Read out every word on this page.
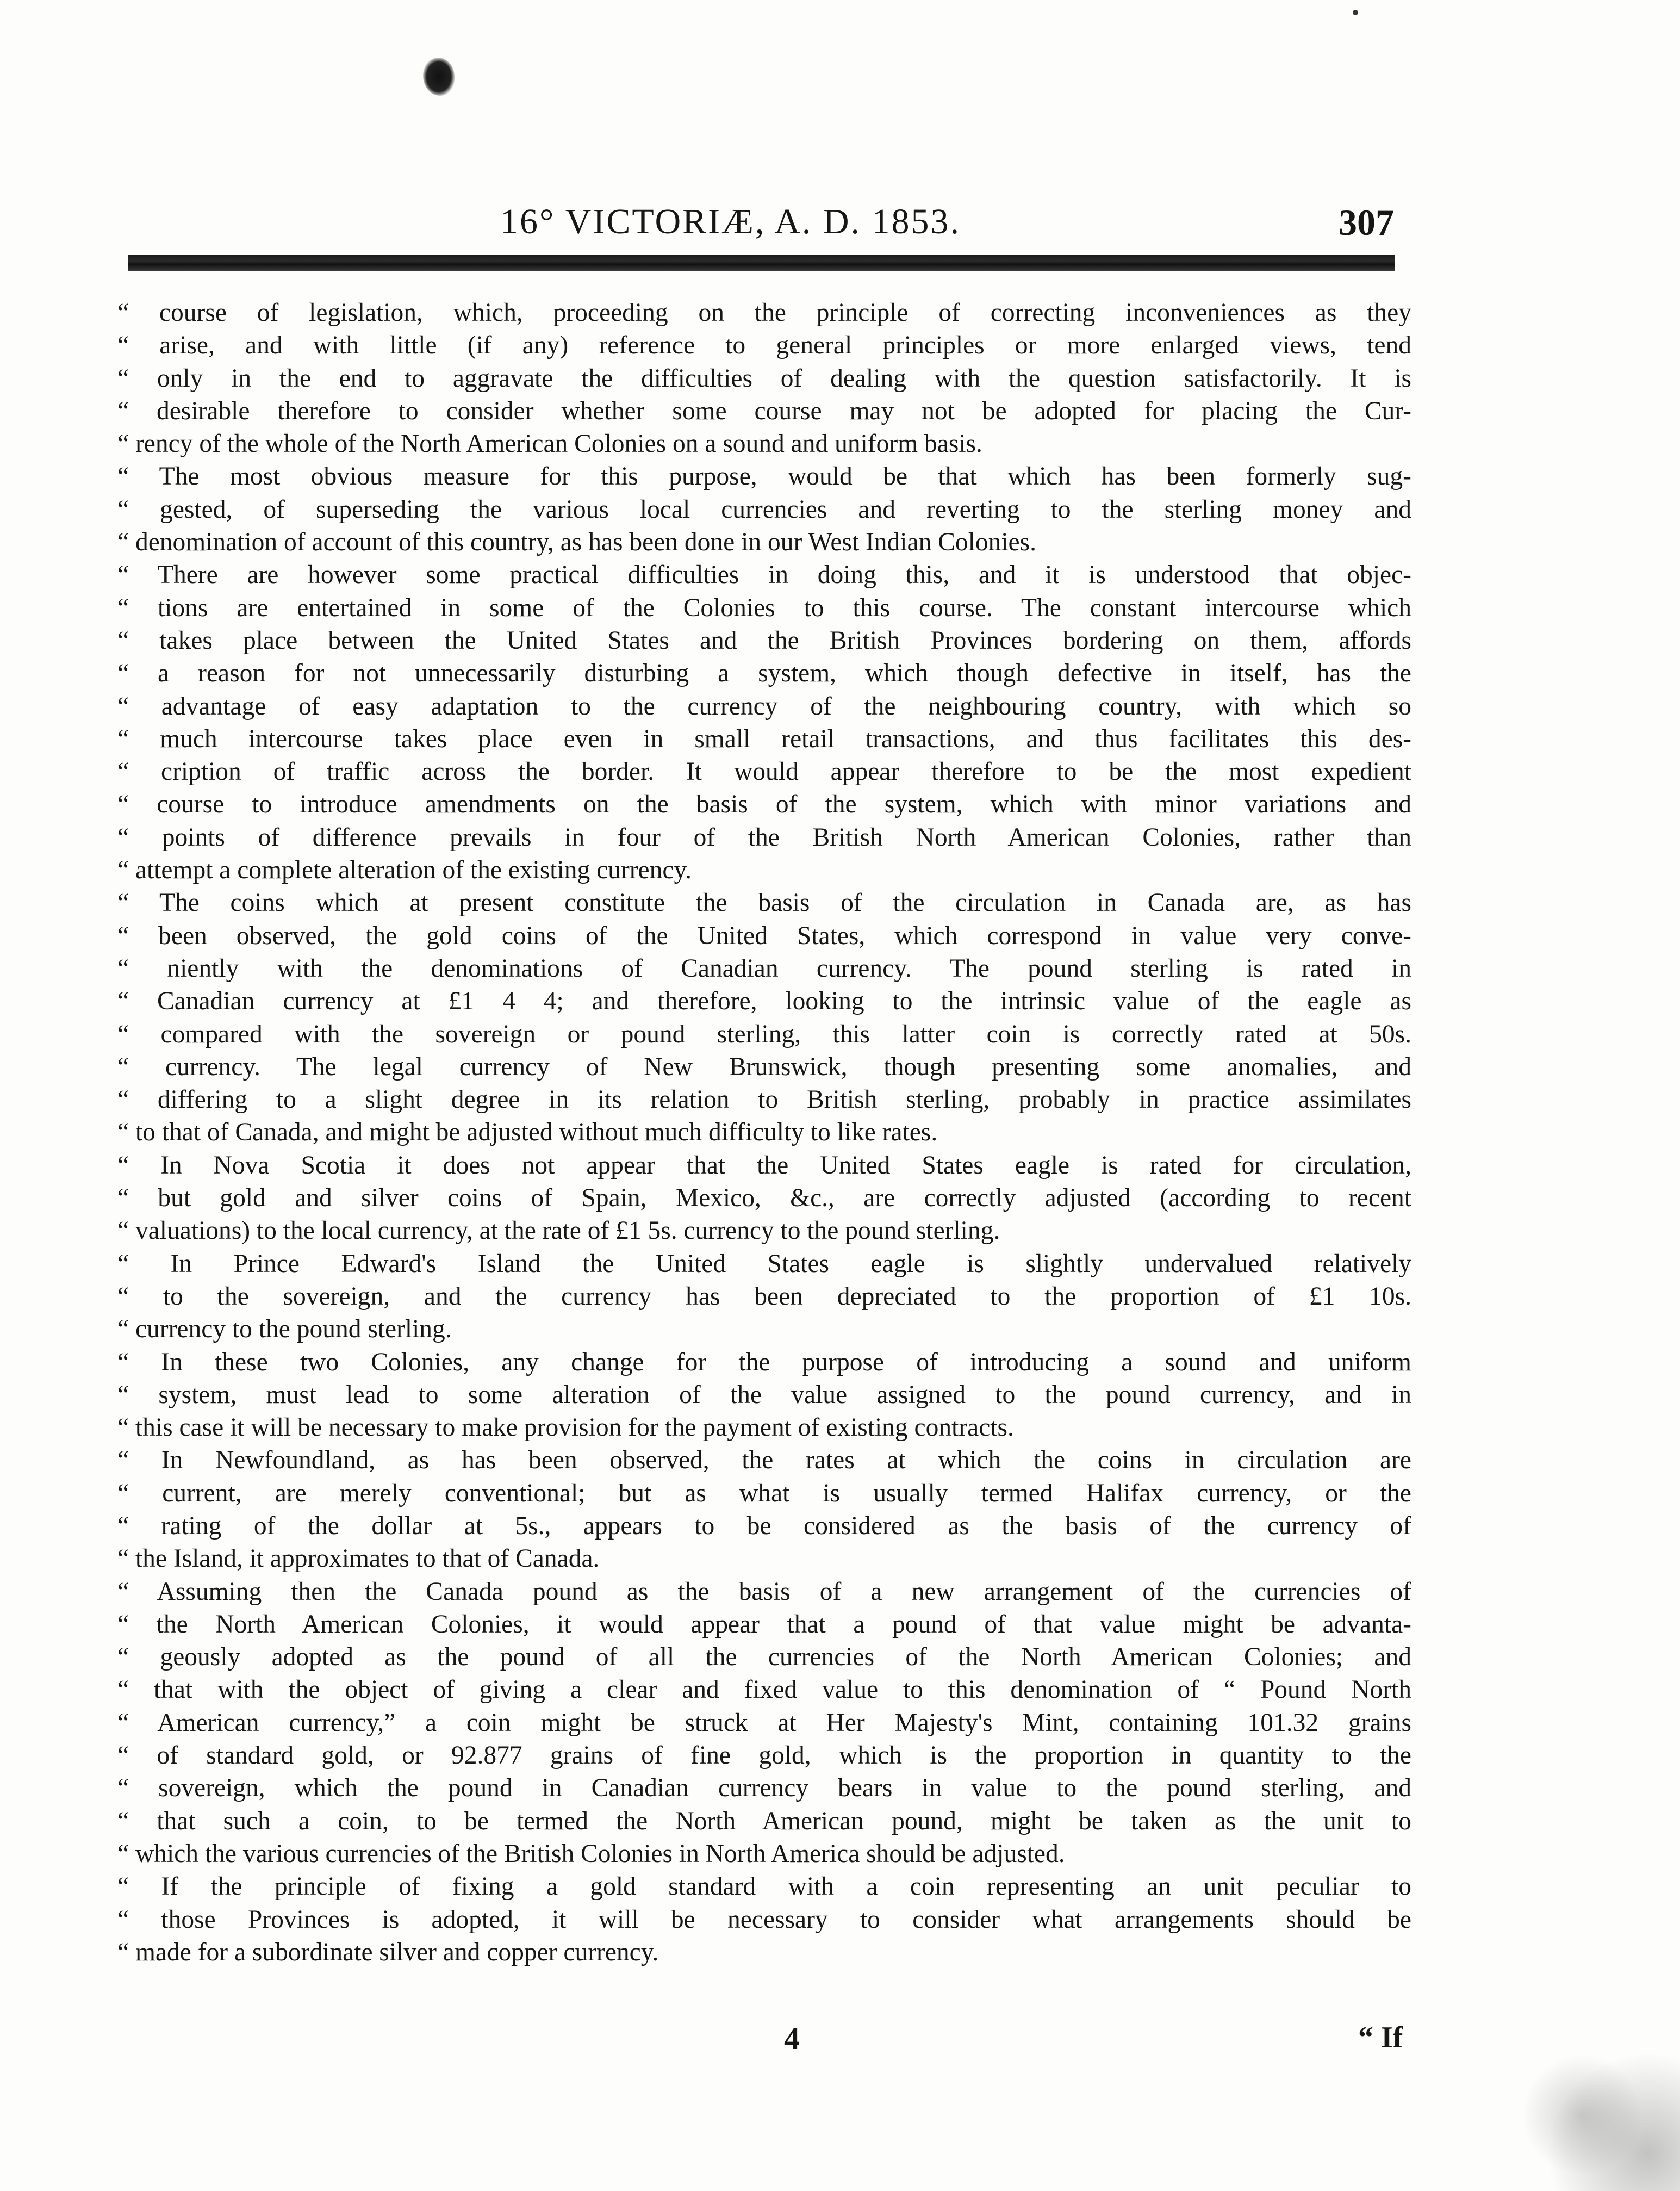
16° VICTORIÆ, A. D. 1853.	307
“ course of legislation, which, proceeding on the principle of correcting inconveniences as they
“ arise, and with little (if any) reference to general principles or more enlarged views, tend
“ only in the end to aggravate the difficulties of dealing with the question satisfactorily. It is
“ desirable therefore to consider whether some course may not be adopted for placing the Cur-
“ rency of the whole of the North American Colonies on a sound and uniform basis.
“ The most obvious measure for this purpose, would be that which has been formerly sug-
“ gested, of superseding the various local currencies and reverting to the sterling money and
“ denomination of account of this country, as has been done in our West Indian Colonies.
“ There are however some practical difficulties in doing this, and it is understood that objec-
“ tions are entertained in some of the Colonies to this course. The constant intercourse which
“ takes place between the United States and the British Provinces bordering on them, affords
“ a reason for not unnecessarily disturbing a system, which though defective in itself, has the
“ advantage of easy adaptation to the currency of the neighbouring country, with which so
“ much intercourse takes place even in small retail transactions, and thus facilitates this des-
“ cription of traffic across the border. It would appear therefore to be the most expedient
“ course to introduce amendments on the basis of the system, which with minor variations and
“ points of difference prevails in four of the British North American Colonies, rather than
“ attempt a complete alteration of the existing currency.
“ The coins which at present constitute the basis of the circulation in Canada are, as has
“ been observed, the gold coins of the United States, which correspond in value very conve-
“ niently with the denominations of Canadian currency. The pound sterling is rated in
“ Canadian currency at £1 4 4; and therefore, looking to the intrinsic value of the eagle as
“ compared with the sovereign or pound sterling, this latter coin is correctly rated at 50s.
“ currency. The legal currency of New Brunswick, though presenting some anomalies, and
“ differing to a slight degree in its relation to British sterling, probably in practice assimilates
“ to that of Canada, and might be adjusted without much difficulty to like rates.
“ In Nova Scotia it does not appear that the United States eagle is rated for circulation,
“ but gold and silver coins of Spain, Mexico, &c., are correctly adjusted (according to recent
“ valuations) to the local currency, at the rate of £1 5s. currency to the pound sterling.
“ In Prince Edward's Island the United States eagle is slightly undervalued relatively
“ to the sovereign, and the currency has been depreciated to the proportion of £1 10s.
“ currency to the pound sterling.
“ In these two Colonies, any change for the purpose of introducing a sound and uniform
“ system, must lead to some alteration of the value assigned to the pound currency, and in
“ this case it will be necessary to make provision for the payment of existing contracts.
“ In Newfoundland, as has been observed, the rates at which the coins in circulation are
“ current, are merely conventional; but as what is usually termed Halifax currency, or the
“ rating of the dollar at 5s., appears to be considered as the basis of the currency of
“ the Island, it approximates to that of Canada.
“ Assuming then the Canada pound as the basis of a new arrangement of the currencies of
“ the North American Colonies, it would appear that a pound of that value might be advanta-
“ geously adopted as the pound of all the currencies of the North American Colonies; and
“ that with the object of giving a clear and fixed value to this denomination of “ Pound North
“ American currency,” a coin might be struck at Her Majesty's Mint, containing 101.32 grains
“ of standard gold, or 92.877 grains of fine gold, which is the proportion in quantity to the
“ sovereign, which the pound in Canadian currency bears in value to the pound sterling, and
“ that such a coin, to be termed the North American pound, might be taken as the unit to
“ which the various currencies of the British Colonies in North America should be adjusted.
“ If the principle of fixing a gold standard with a coin representing an unit peculiar to
“ those Provinces is adopted, it will be necessary to consider what arrangements should be
“ made for a subordinate silver and copper currency.
4	“ If
